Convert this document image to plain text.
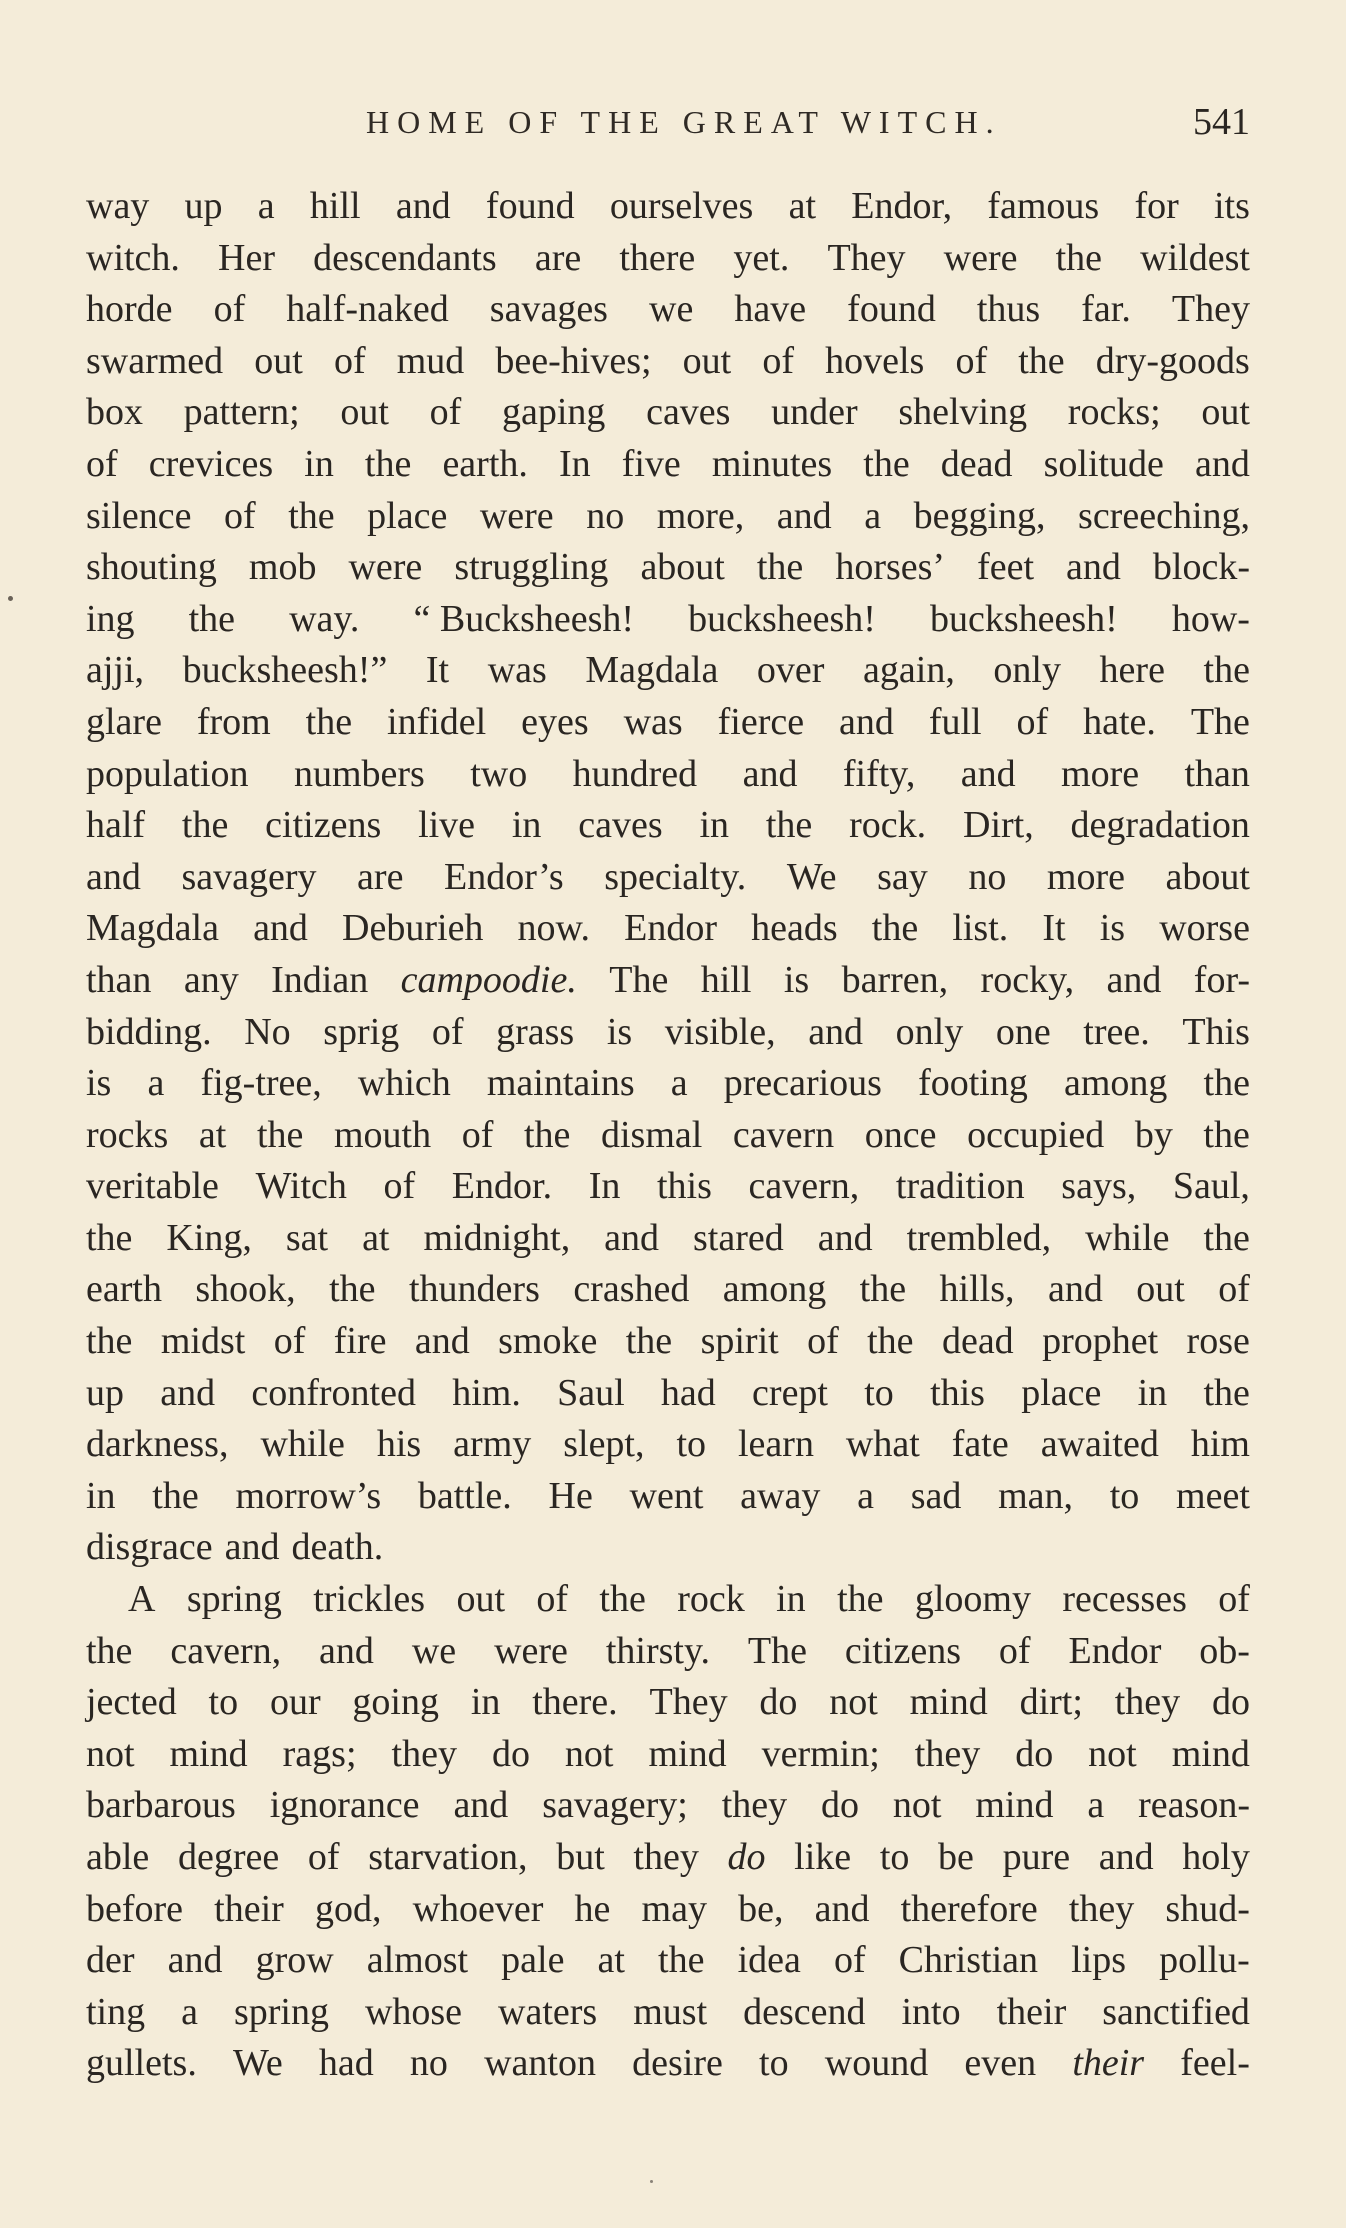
HOME OF THE GREAT WITCH.	541
way up a hill and found ourselves at Endor, famous for its
witch. Her descendants are there yet. They were the wildest
horde of half-naked savages we have found thus far. They
swarmed out of mud bee-hives; out of hovels of the dry-goods
box pattern; out of gaping caves under shelving rocks; out
of crevices in the earth. In five minutes the dead solitude and
silence of the place were no more, and a begging, screeching,
shouting mob were struggling about the horses’ feet and block-
ing the way. “ Bucksheesh! bucksheesh! bucksheesh! how-
ajji, bucksheesh!” It was Magdala over again, only here the
glare from the infidel eyes was fierce and full of hate. The
population numbers two hundred and fifty, and more than
half the citizens live in caves in the rock. Dirt, degradation
and savagery are Endor’s specialty. We say no more about
Magdala and Deburieh now. Endor heads the list. It is worse
than any Indian campoodie. The hill is barren, rocky, and for-
bidding. No sprig of grass is visible, and only one tree. This
is a fig-tree, which maintains a precarious footing among the
rocks at the mouth of the dismal cavern once occupied by the
veritable Witch of Endor. In this cavern, tradition says, Saul,
the King, sat at midnight, and stared and trembled, while the
earth shook, the thunders crashed among the hills, and out of
the midst of fire and smoke the spirit of the dead prophet rose
up and confronted him. Saul had crept to this place in the
darkness, while his army slept, to learn what fate awaited him
in the morrow’s battle. He went away a sad man, to meet
disgrace and death.
A spring trickles out of the rock in the gloomy recesses of
the cavern, and we were thirsty. The citizens of Endor ob-
jected to our going in there. They do not mind dirt; they do
not mind rags; they do not mind vermin; they do not mind
barbarous ignorance and savagery; they do not mind a reason-
able degree of starvation, but they do like to be pure and holy
before their god, whoever he may be, and therefore they shud-
der and grow almost pale at the idea of Christian lips pollu-
ting a spring whose waters must descend into their sanctified
gullets. We had no wanton desire to wound even their feel-
